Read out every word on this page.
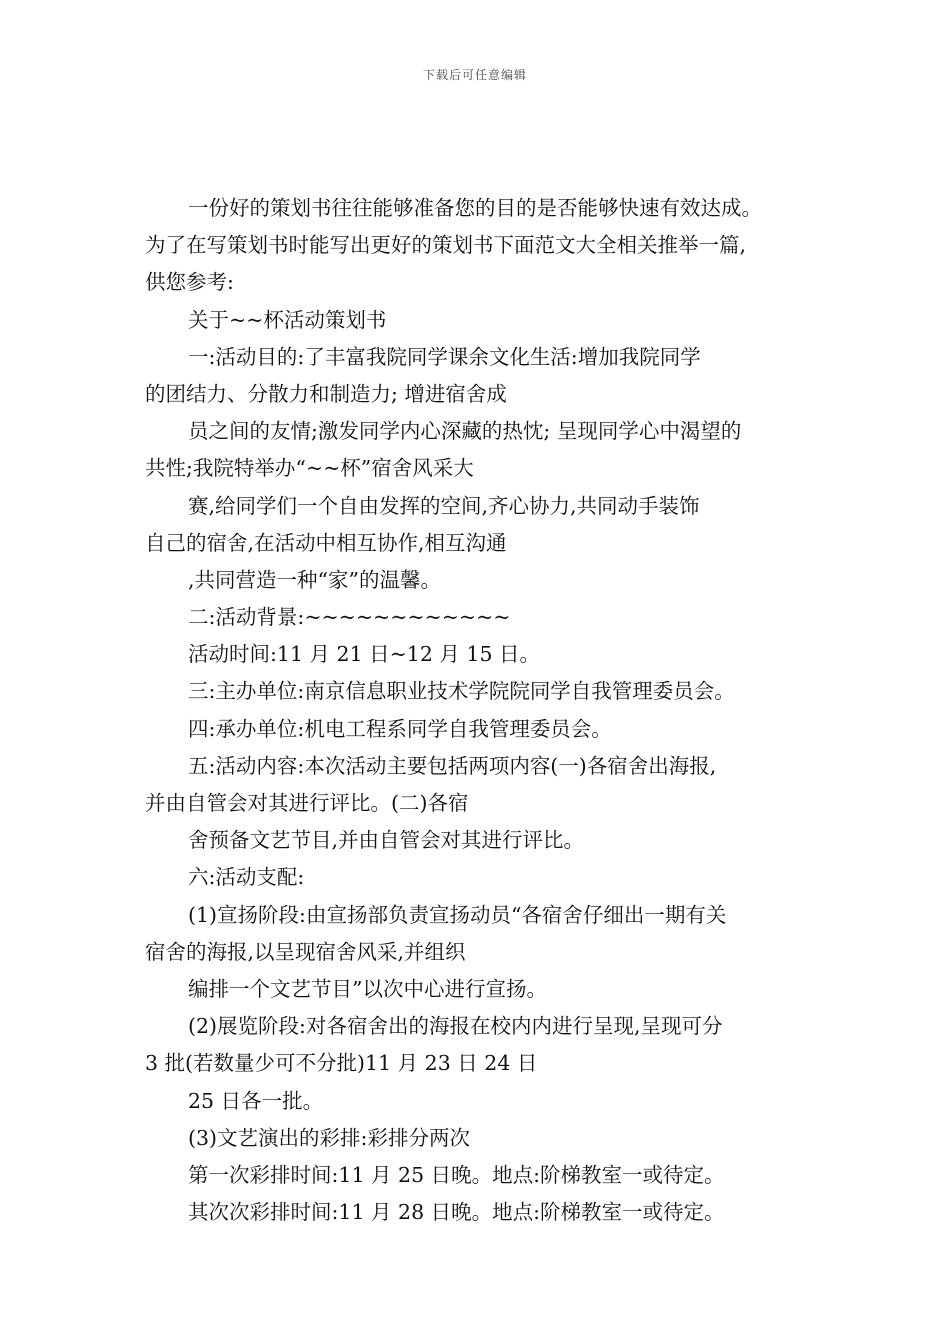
下载后可任意编辑
一份好的策划书往往能够准备您的目的是否能够快速有效达成。
为了在写策划书时能写出更好的策划书下面范文大全相关推举一篇,
供您参考:
关于~~杯活动策划书
一:活动目的:了丰富我院同学课余文化生活:增加我院同学
的团结力、分散力和制造力; 增进宿舍成
员之间的友情;激发同学内心深藏的热忱; 呈现同学心中渴望的
共性;我院特举办“~~杯”宿舍风采大
赛,给同学们一个自由发挥的空间,齐心协力,共同动手装饰
自己的宿舍,在活动中相互协作,相互沟通
,共同营造一种“家”的温馨。
二:活动背景:~~~~~~~~~~~~
活动时间:11 月 21 日~12 月 15 日。
三:主办单位:南京信息职业技术学院院同学自我管理委员会。
四:承办单位:机电工程系同学自我管理委员会。
五:活动内容:本次活动主要包括两项内容(一)各宿舍出海报,
并由自管会对其进行评比。(二)各宿
舍预备文艺节目,并由自管会对其进行评比。
六:活动支配:
(1)宣扬阶段:由宣扬部负责宣扬动员“各宿舍仔细出一期有关
宿舍的海报,以呈现宿舍风采,并组织
编排一个文艺节目”以次中心进行宣扬。
(2)展览阶段:对各宿舍出的海报在校内内进行呈现,呈现可分
3 批(若数量少可不分批)11 月 23 日 24 日
25 日各一批。
(3)文艺演出的彩排:彩排分两次
第一次彩排时间:11 月 25 日晚。地点:阶梯教室一或待定。
其次次彩排时间:11 月 28 日晚。地点:阶梯教室一或待定。
